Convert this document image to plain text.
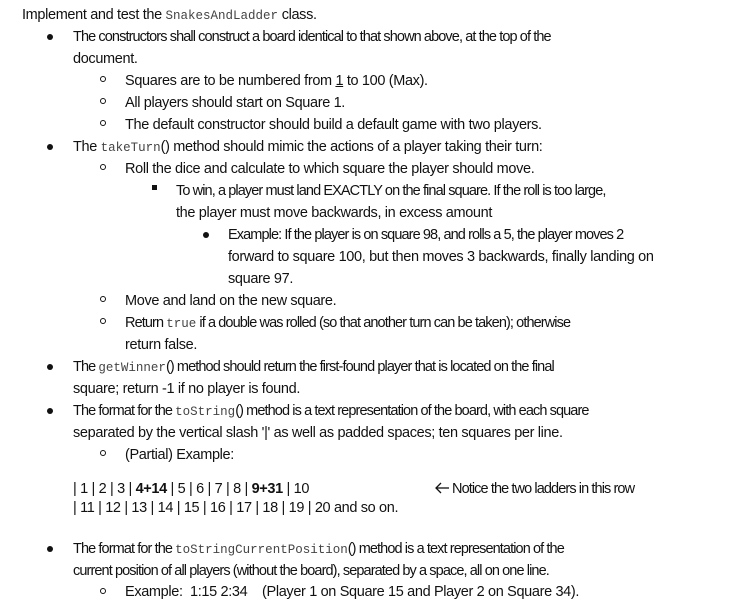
Implement and test the SnakesAndLadder class.
The constructors shall construct a board identical to that shown above, at the top of the
document.
Squares are to be numbered from 1 to 100 (Max).
All players should start on Square 1.
The default constructor should build a default game with two players.
The takeTurn() method should mimic the actions of a player taking their turn:
Roll the dice and calculate to which square the player should move.
To win, a player must land EXACTLY on the final square. If the roll is too large,
the player must move backwards, in excess amount
Example: If the player is on square 98, and rolls a 5, the player moves 2
forward to square 100, but then moves 3 backwards, finally landing on
square 97.
Move and land on the new square.
Return true if a double was rolled (so that another turn can be taken); otherwise
return false.
The getWinner() method should return the first-found player that is located on the final
square; return -1 if no player is found.
The format for the toString() method is a text representation of the board, with each square
separated by the vertical slash '|' as well as padded spaces; ten squares per line.
(Partial) Example:
| 1 | 2 | 3 | 4+14 | 5 | 6 | 7 | 8 | 9+31 | 10	Notice the two ladders in this row
| 11 | 12 | 13 | 14 | 15 | 16 | 17 | 18 | 19 | 20 and so on.
The format for the toStringCurrentPosition() method is a text representation of the
current position of all players (without the board), separated by a space, all on one line.
Example:  1:15 2:34    (Player 1 on Square 15 and Player 2 on Square 34).
